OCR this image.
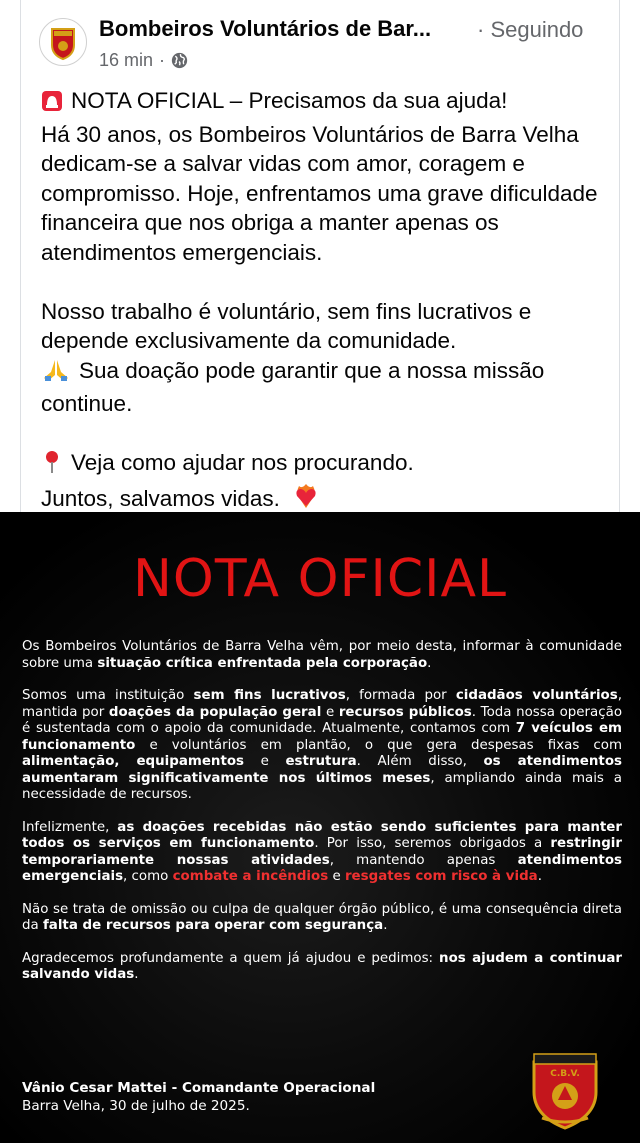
Bombeiros Voluntários de Bar... · Seguindo
16 min ·

NOTA OFICIAL – Precisamos da sua ajuda!
Há 30 anos, os Bombeiros Voluntários de Barra Velha dedicam-se a salvar vidas com amor, coragem e compromisso. Hoje, enfrentamos uma grave dificuldade financeira que nos obriga a manter apenas os atendimentos emergenciais.

Nosso trabalho é voluntário, sem fins lucrativos e depende exclusivamente da comunidade.
Sua doação pode garantir que a nossa missão continue.

Veja como ajudar nos procurando.
Juntos, salvamos vidas.

NOTA OFICIAL

Os Bombeiros Voluntários de Barra Velha vêm, por meio desta, informar à comunidade sobre uma situação crítica enfrentada pela corporação.

Somos uma instituição sem fins lucrativos, formada por cidadãos voluntários, mantida por doações da população geral e recursos públicos. Toda nossa operação é sustentada com o apoio da comunidade. Atualmente, contamos com 7 veículos em funcionamento e voluntários em plantão, o que gera despesas fixas com alimentação, equipamentos e estrutura. Além disso, os atendimentos aumentaram significativamente nos últimos meses, ampliando ainda mais a necessidade de recursos.

Infelizmente, as doações recebidas não estão sendo suficientes para manter todos os serviços em funcionamento. Por isso, seremos obrigados a restringir temporariamente nossas atividades, mantendo apenas atendimentos emergenciais, como combate a incêndios e resgates com risco à vida.

Não se trata de omissão ou culpa de qualquer órgão público, é uma consequência direta da falta de recursos para operar com segurança.

Agradecemos profundamente a quem já ajudou e pedimos: nos ajudem a continuar salvando vidas.

Vânio Cesar Mattei - Comandante Operacional
Barra Velha, 30 de julho de 2025.
C.B.V.
